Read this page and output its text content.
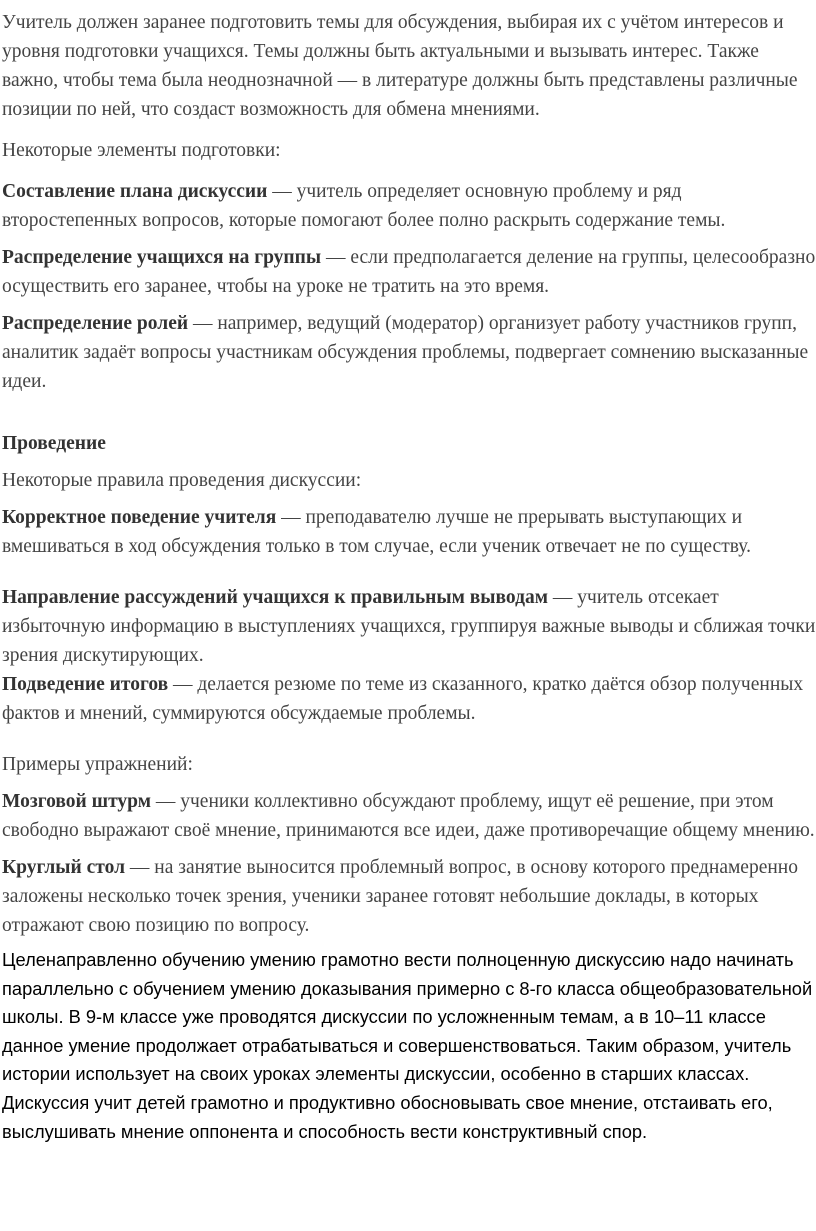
Учитель должен заранее подготовить темы для обсуждения, выбирая их с учётом интересов и уровня подготовки учащихся. Темы должны быть актуальными и вызывать интерес. Также важно, чтобы тема была неоднозначной — в литературе должны быть представлены различные позиции по ней, что создаст возможность для обмена мнениями.

Некоторые элементы подготовки:

Составление плана дискуссии — учитель определяет основную проблему и ряд второстепенных вопросов, которые помогают более полно раскрыть содержание темы.

Распределение учащихся на группы — если предполагается деление на группы, целесообразно осуществить его заранее, чтобы на уроке не тратить на это время.

Распределение ролей — например, ведущий (модератор) организует работу участников групп, аналитик задаёт вопросы участникам обсуждения проблемы, подвергает сомнению высказанные идеи.

Проведение

Некоторые правила проведения дискуссии:

Корректное поведение учителя — преподавателю лучше не прерывать выступающих и вмешиваться в ход обсуждения только в том случае, если ученик отвечает не по существу.

Направление рассуждений учащихся к правильным выводам — учитель отсекает избыточную информацию в выступлениях учащихся, группируя важные выводы и сближая точки зрения дискутирующих.

Подведение итогов — делается резюме по теме из сказанного, кратко даётся обзор полученных фактов и мнений, суммируются обсуждаемые проблемы.

Примеры упражнений:

Мозговой штурм — ученики коллективно обсуждают проблему, ищут её решение, при этом свободно выражают своё мнение, принимаются все идеи, даже противоречащие общему мнению.

Круглый стол — на занятие выносится проблемный вопрос, в основу которого преднамеренно заложены несколько точек зрения, ученики заранее готовят небольшие доклады, в которых отражают свою позицию по вопросу.

Целенаправленно обучению умению грамотно вести полноценную дискуссию надо начинать параллельно с обучением умению доказывания примерно с 8-го класса общеобразовательной школы. В 9-м классе уже проводятся дискуссии по усложненным темам, а в 10–11 классе данное умение продолжает отрабатываться и совершенствоваться. Таким образом, учитель истории использует на своих уроках элементы дискуссии, особенно в старших классах. Дискуссия учит детей грамотно и продуктивно обосновывать свое мнение, отстаивать его, выслушивать мнение оппонента и способность вести конструктивный спор.
